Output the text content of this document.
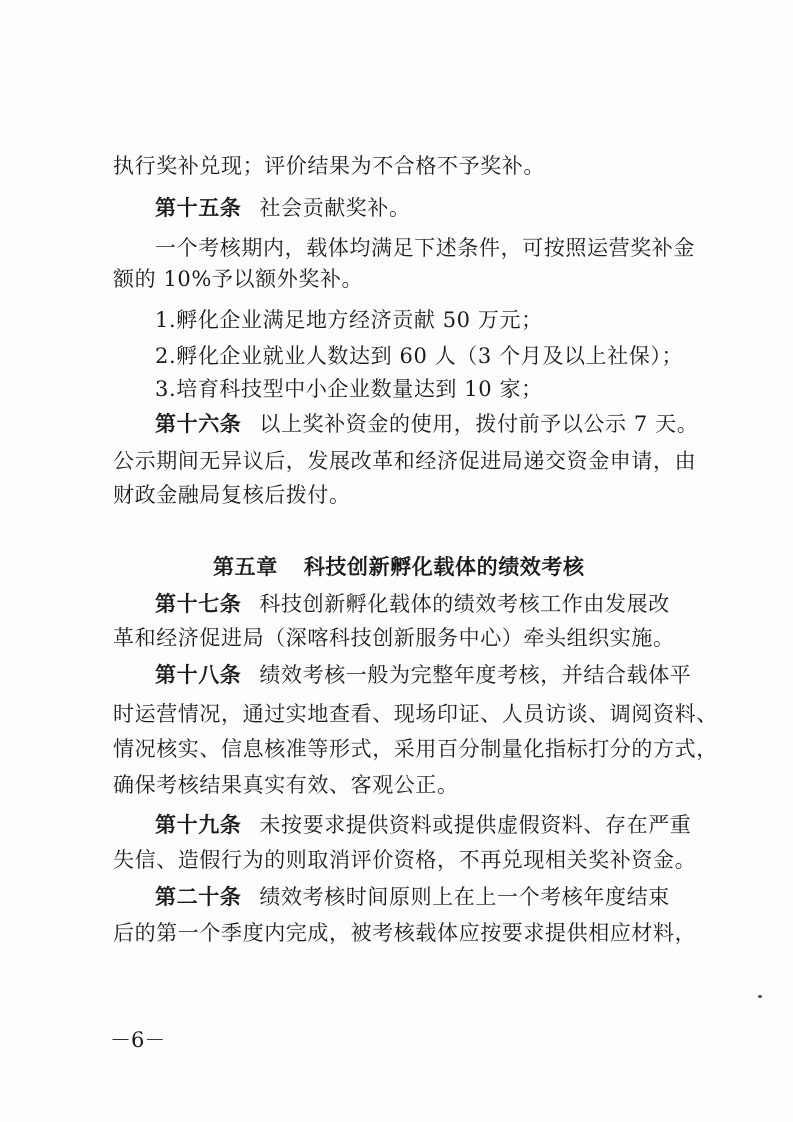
执行奖补兑现；评价结果为不合格不予奖补。
第十五条 社会贡献奖补。
一个考核期内，载体均满足下述条件，可按照运营奖补金
额的 10%予以额外奖补。
1.孵化企业满足地方经济贡献 50 万元；
2.孵化企业就业人数达到 60 人（3 个月及以上社保）；
3.培育科技型中小企业数量达到 10 家；
第十六条 以上奖补资金的使用，拨付前予以公示 7 天。
公示期间无异议后，发展改革和经济促进局递交资金申请，由
财政金融局复核后拨付。
第五章 科技创新孵化载体的绩效考核
第十七条 科技创新孵化载体的绩效考核工作由发展改
革和经济促进局（深喀科技创新服务中心）牵头组织实施。
第十八条 绩效考核一般为完整年度考核，并结合载体平
时运营情况，通过实地查看、现场印证、人员访谈、调阅资料、
情况核实、信息核准等形式，采用百分制量化指标打分的方式，
确保考核结果真实有效、客观公正。
第十九条 未按要求提供资料或提供虚假资料、存在严重
失信、造假行为的则取消评价资格，不再兑现相关奖补资金。
第二十条 绩效考核时间原则上在上一个考核年度结束
后的第一个季度内完成，被考核载体应按要求提供相应材料，
－6－
